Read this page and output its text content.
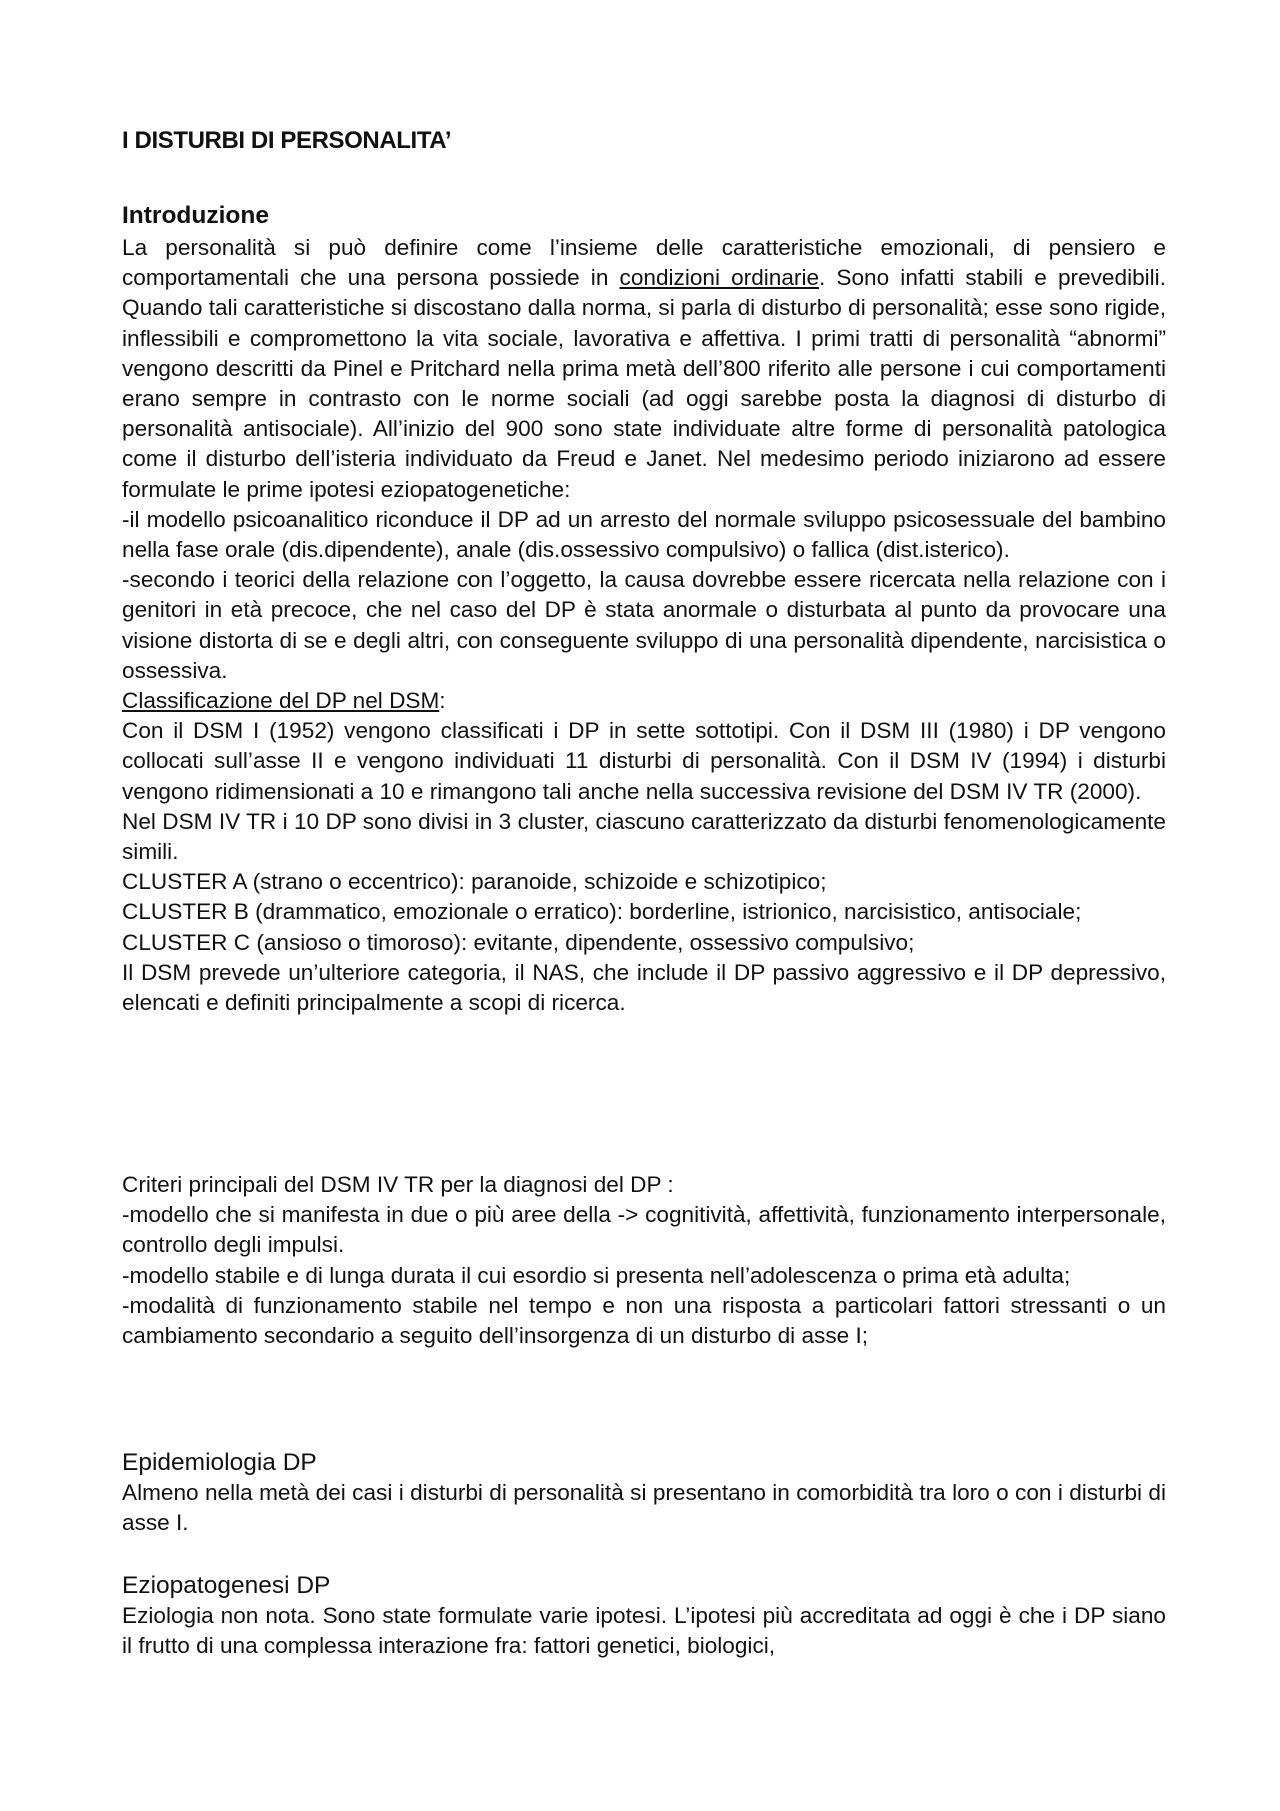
I DISTURBI DI PERSONALITA’
Introduzione

La personalità si può definire come l’insieme delle caratteristiche emozionali, di pensiero e comportamentali che una persona possiede in condizioni ordinarie. Sono infatti stabili e prevedibili. Quando tali caratteristiche si discostano dalla norma, si parla di disturbo di personalità; esse sono rigide, inflessibili e compromettono la vita sociale, lavorativa e affettiva. I primi tratti di personalità “abnormi” vengono descritti da Pinel e Pritchard nella prima metà dell’800 riferito alle persone i cui comportamenti erano sempre in contrasto con le norme sociali (ad oggi sarebbe posta la diagnosi di disturbo di personalità antisociale). All’inizio del 900 sono state individuate altre forme di personalità patologica come il disturbo dell’isteria individuato da Freud e Janet. Nel medesimo periodo iniziarono ad essere formulate le prime ipotesi eziopatogenetiche:

-il modello psicoanalitico riconduce il DP ad un arresto del normale sviluppo psicosessuale del bambino nella fase orale (dis.dipendente), anale (dis.ossessivo compulsivo) o fallica (dist.isterico).

-secondo i teorici della relazione con l’oggetto, la causa dovrebbe essere ricercata nella relazione con i genitori in età precoce, che nel caso del DP è stata anormale o disturbata al punto da provocare una visione distorta di se e degli altri, con conseguente sviluppo di una personalità dipendente, narcisistica o ossessiva.

Classificazione del DP nel DSM:

Con il DSM I (1952) vengono classificati i DP in sette sottotipi. Con il DSM III (1980) i DP vengono collocati sull’asse II e vengono individuati 11 disturbi di personalità. Con il DSM IV (1994) i disturbi vengono ridimensionati a 10 e rimangono tali anche nella successiva revisione del DSM IV TR (2000).

Nel DSM IV TR i 10 DP sono divisi in 3 cluster, ciascuno caratterizzato da disturbi fenomenologicamente simili.

CLUSTER A (strano o eccentrico): paranoide, schizoide e schizotipico;

CLUSTER B (drammatico, emozionale o erratico): borderline, istrionico, narcisistico, antisociale;

CLUSTER C (ansioso o timoroso): evitante, dipendente, ossessivo compulsivo;

Il DSM prevede un’ulteriore categoria, il NAS, che include il DP passivo aggressivo e il DP depressivo, elencati e definiti principalmente a scopi di ricerca.

Criteri principali del DSM IV TR per la diagnosi del DP :

-modello che si manifesta in due o più aree della -> cognitività, affettività, funzionamento interpersonale, controllo degli impulsi.

-modello stabile e di lunga durata il cui esordio si presenta nell’adolescenza o prima età adulta;

-modalità di funzionamento stabile nel tempo e non una risposta a particolari fattori stressanti o un cambiamento secondario a seguito dell’insorgenza di un disturbo di asse I;

Epidemiologia DP

Almeno nella metà dei casi i disturbi di personalità si presentano in comorbidità tra loro o con i disturbi di asse I.

Eziopatogenesi DP

Eziologia non nota. Sono state formulate varie ipotesi. L’ipotesi più accreditata ad oggi è che i DP siano il frutto di una complessa interazione fra: fattori genetici, biologici,
